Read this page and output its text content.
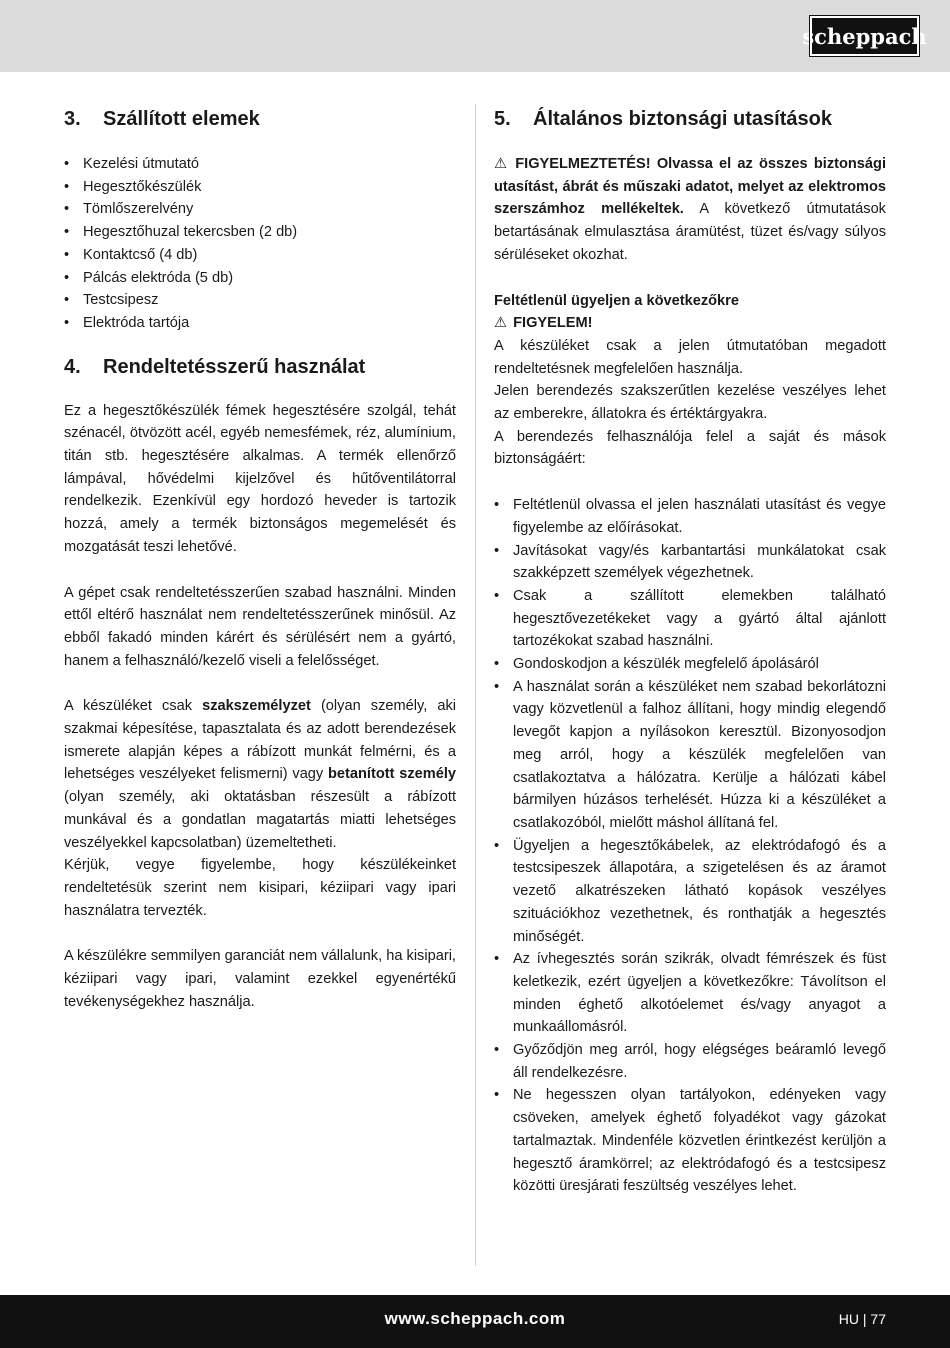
scheppach
3.	Szállított elemek
• Kezelési útmutató
• Hegesztőkészülék
• Tömlőszerelvény
• Hegesztőhuzal tekercsben (2 db)
• Kontaktcső (4 db)
• Pálcás elektróda (5 db)
• Testcsipesz
• Elektróda tartója
4.	Rendeltetésszerű használat

Ez a hegesztőkészülék fémek hegesztésére szolgál, tehát szénacél, ötvözött acél, egyéb nemesfémek, réz, alumínium, titán stb. hegesztésére alkalmas. A termék ellenőrző lámpával, hővédelmi kijelzővel és hűtőventilátorral rendelkezik. Ezenkívül egy hordozó heveder is tartozik hozzá, amely a termék biztonságos megemelését és mozgatását teszi lehetővé.

A gépet csak rendeltetésszerűen szabad használni. Minden ettől eltérő használat nem rendeltetésszerűnek minősül. Az ebből fakadó minden kárért és sérülésért nem a gyártó, hanem a felhasználó/kezelő viseli a felelősséget.

A készüléket csak szakszemélyzet (olyan személy, aki szakmai képesítése, tapasztalata és az adott berendezések ismerete alapján képes a rábízott munkát felmérni, és a lehetséges veszélyeket felismerni) vagy betanított személy (olyan személy, aki oktatásban részesült a rábízott munkával és a gondatlan magatartás miatti lehetséges veszélyekkel kapcsolatban) üzemeltetheti.

Kérjük, vegye figyelembe, hogy készülékeinket rendeltetésük szerint nem kisipari, kéziipari vagy ipari használatra tervezték.

A készülékre semmilyen garanciát nem vállalunk, ha kisipari, kéziipari vagy ipari, valamint ezekkel egyenértékű tevékenységekhez használja.

5.	Általános biztonsági utasítások

⚠ FIGYELMEZTETÉS! Olvassa el az összes biztonsági utasítást, ábrát és műszaki adatot, melyet az elektromos szerszámhoz mellékeltek. A következő útmutatások betartásának elmulasztása áramütést, tüzet és/vagy súlyos sérüléseket okozhat.

Feltétlenül ügyeljen a következőkre

⚠ FIGYELEM!

A készüléket csak a jelen útmutatóban megadott rendeltetésnek megfelelően használja.

Jelen berendezés szakszerűtlen kezelése veszélyes lehet az emberekre, állatokra és értéktárgyakra.

A berendezés felhasználója felel a saját és mások biztonságáért:

• Feltétlenül olvassa el jelen használati utasítást és vegye figyelembe az előírásokat.
• Javításokat vagy/és karbantartási munkálatokat csak szakképzett személyek végezhetnek.
• Csak a szállított elemekben található hegesztővezetékeket vagy a gyártó által ajánlott tartozékokat szabad használni.
• Gondoskodjon a készülék megfelelő ápolásáról
• A használat során a készüléket nem szabad bekorlátozni vagy közvetlenül a falhoz állítani, hogy mindig elegendő levegőt kapjon a nyílásokon keresztül. Bizonyosodjon meg arról, hogy a készülék megfelelően van csatlakoztatva a hálózatra. Kerülje a hálózati kábel bármilyen húzásos terhelését. Húzza ki a készüléket a csatlakozóból, mielőtt máshol állítaná fel.
• Ügyeljen a hegesztőkábelek, az elektródafogó és a testcsipeszek állapotára, a szigetelésen és az áramot vezető alkatrészeken látható kopások veszélyes szituációkhoz vezethetnek, és ronthatják a hegesztés minőségét.
• Az ívhegesztés során szikrák, olvadt fémrészek és füst keletkezik, ezért ügyeljen a következőkre: Távolítson el minden éghető alkotóelemet és/vagy anyagot a munkaállomásról.
• Győződjön meg arról, hogy elégséges beáramló levegő áll rendelkezésre.
• Ne hegesszen olyan tartályokon, edényeken vagy csöveken, amelyek éghető folyadékot vagy gázokat tartalmaztak. Mindenféle közvetlen érintkezést kerüljön a hegesztő áramkörrel; az elektródafogó és a testcsipesz közötti üresjárati feszültség veszélyes lehet.
www.scheppach.com	HU | 77
